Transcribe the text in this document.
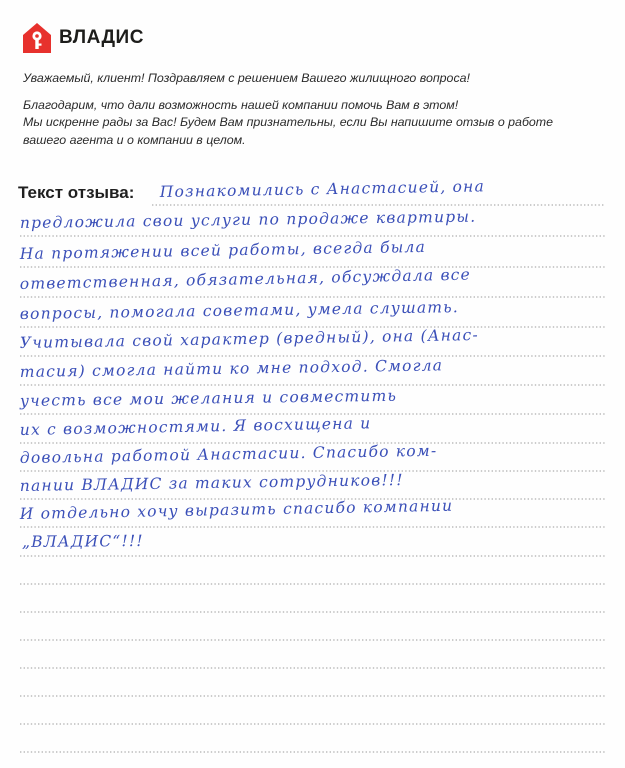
ВЛАДИС

Уважаемый, клиент! Поздравляем с решением Вашего жилищного вопроса!

Благодарим, что дали возможность нашей компании помочь Вам в этом!

Мы искренне рады за Вас! Будем Вам признательны, если Вы напишите отзыв о работе

вашего агента и о компании в целом.

Текст отзыва: Познакомились с Анастасией, она
предложила свои услуги по продаже квартиры.
На протяжении всей работы, всегда была
ответственная, обязательная, обсуждала все
вопросы, помогала советами, умела слушать.
Учитывала свой характер (вредный), она (Анас-
тасия) смогла найти ко мне подход. Смогла
учесть все мои желания и совместить
их с возможностями. Я восхищена и
довольна работой Анастасии. Спасибо ком-
пании ВЛАДИС за таких сотрудников!!!
И отдельно хочу выразить спасибо компании
„ВЛАДИС“!!!
